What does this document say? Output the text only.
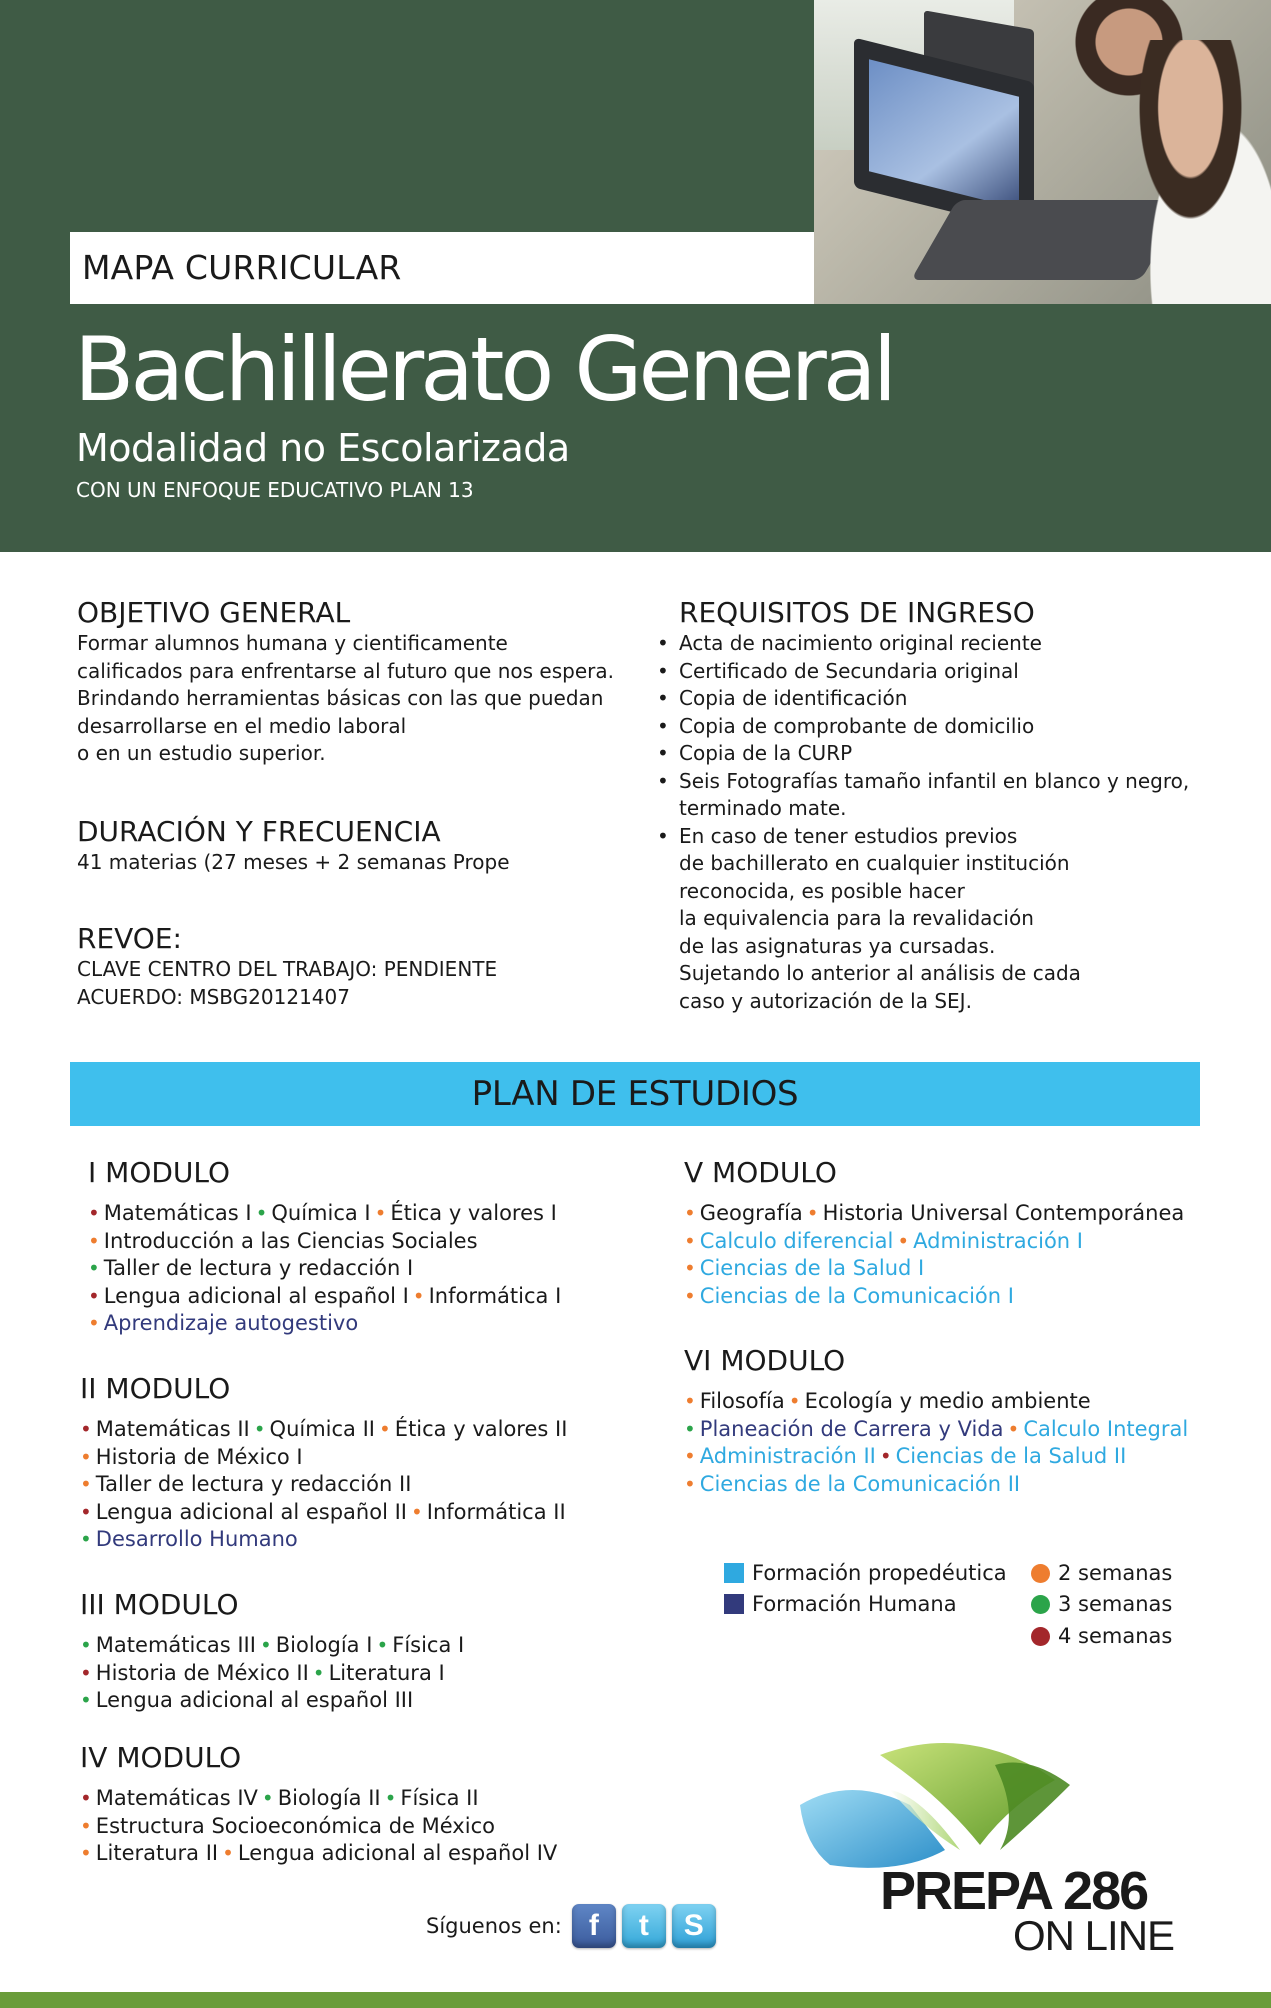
MAPA CURRICULAR
Bachillerato General
Modalidad no Escolarizada
CON UN ENFOQUE EDUCATIVO PLAN 13
OBJETIVO GENERAL
Formar alumnos humana y cientificamente
calificados para enfrentarse al futuro que nos espera.
Brindando herramientas básicas con las que puedan
desarrollarse en el medio laboral
o en un estudio superior.
DURACIÓN Y FRECUENCIA
41 materias (27 meses + 2 semanas Prope
REVOE:
CLAVE CENTRO DEL TRABAJO: PENDIENTE
ACUERDO: MSBG20121407
REQUISITOS DE INGRESO
• Acta de nacimiento original reciente
• Certificado de Secundaria original
• Copia de identificación
• Copia de comprobante de domicilio
• Copia de la CURP
• Seis Fotografías tamaño infantil en blanco y negro,
terminado mate.
• En caso de tener estudios previos
de bachillerato en cualquier institución
reconocida, es posible hacer
la equivalencia para la revalidación
de las asignaturas ya cursadas.
Sujetando lo anterior al análisis de cada
caso y autorización de la SEJ.
PLAN DE ESTUDIOS
I MODULO
• Matemáticas I • Química I • Ética y valores I
• Introducción a las Ciencias Sociales
• Taller de lectura y redacción I
• Lengua adicional al español I • Informática I
• Aprendizaje autogestivo
II MODULO
• Matemáticas II • Química II • Ética y valores II
• Historia de México I
• Taller de lectura y redacción II
• Lengua adicional al español II • Informática II
• Desarrollo Humano
III MODULO
• Matemáticas III • Biología I • Física I
• Historia de México II • Literatura I
• Lengua adicional al español III
IV MODULO
• Matemáticas IV • Biología II • Física II
• Estructura Socioeconómica de México
• Literatura II • Lengua adicional al español IV
V MODULO
• Geografía • Historia Universal Contemporánea
• Calculo diferencial • Administración I
• Ciencias de la Salud I
• Ciencias de la Comunicación I
VI MODULO
• Filosofía • Ecología y medio ambiente
• Planeación de Carrera y Vida • Calculo Integral
• Administración II • Ciencias de la Salud II
• Ciencias de la Comunicación II
Formación propedéutica
Formación Humana
2 semanas
3 semanas
4 semanas
PREPA 286
ON LINE
Síguenos en: f	t	S
